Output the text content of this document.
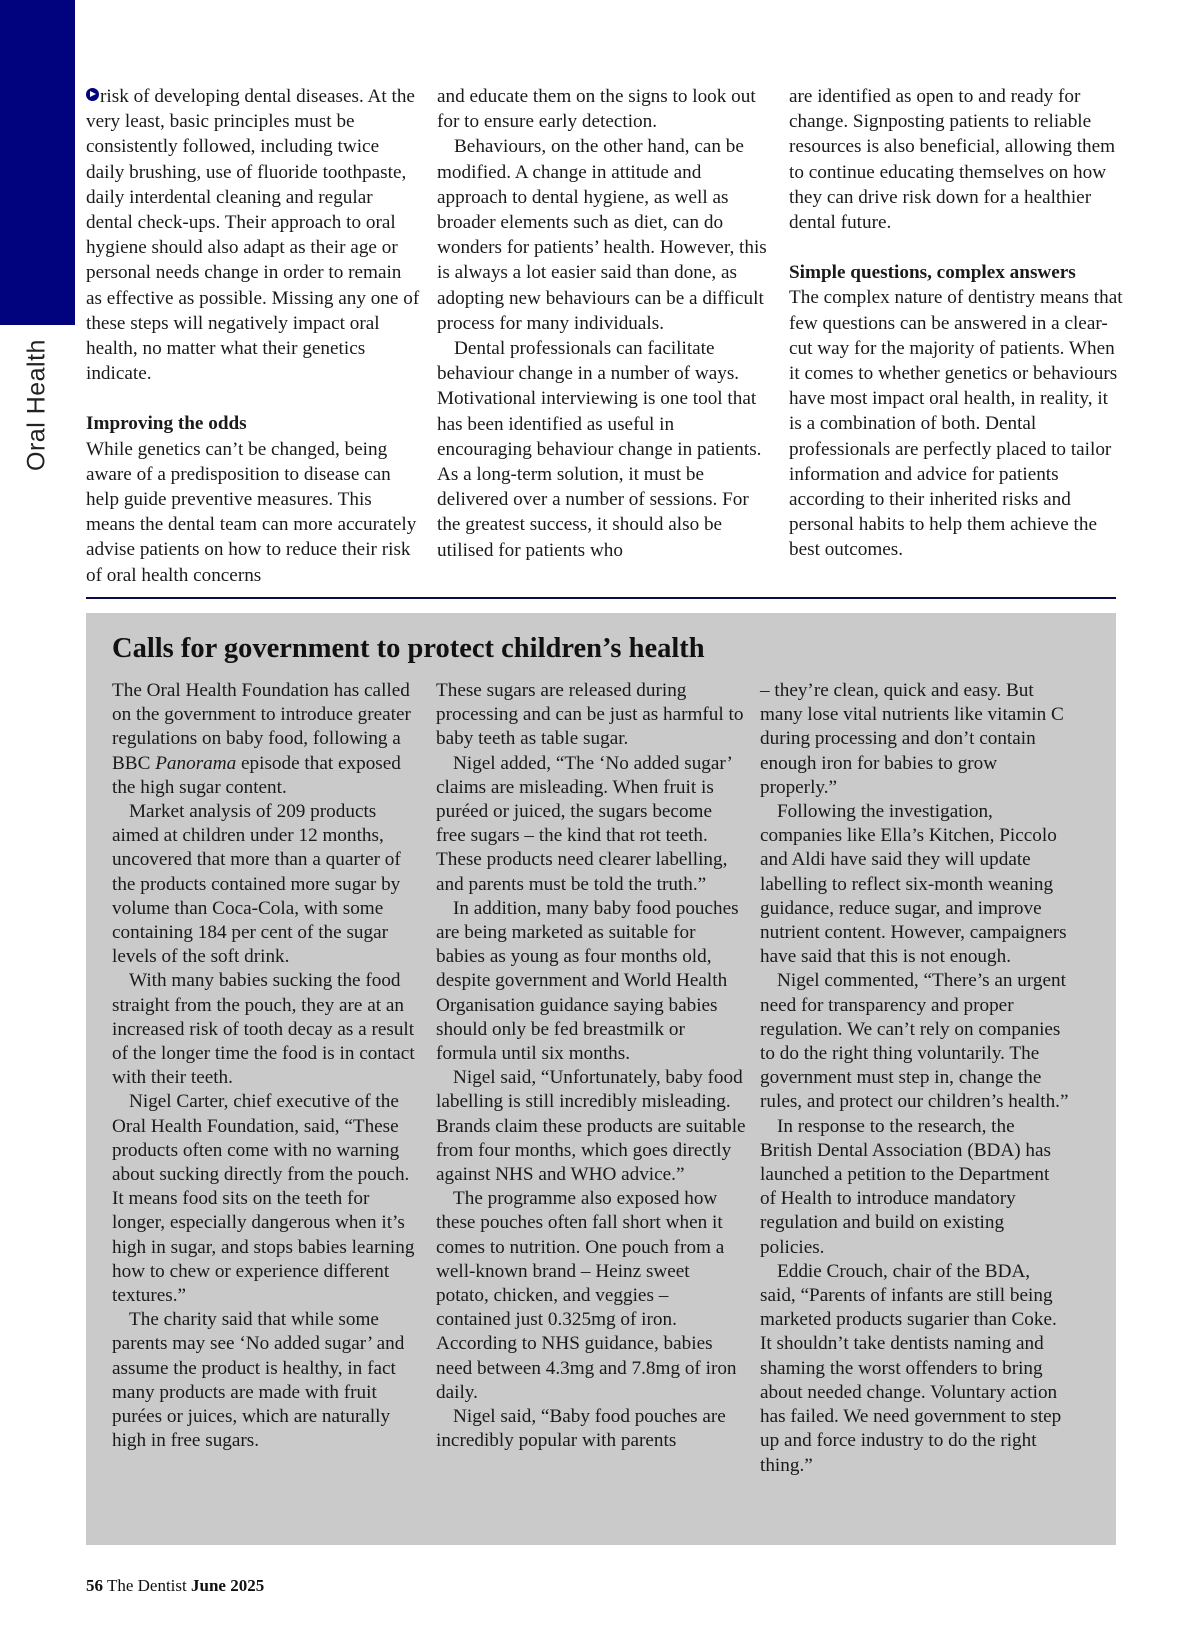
Oral Health

risk of developing dental diseases. At the very least, basic principles must be consistently followed, including twice daily brushing, use of fluoride toothpaste, daily interdental cleaning and regular dental check-ups. Their approach to oral hygiene should also adapt as their age or personal needs change in order to remain as effective as possible. Missing any one of these steps will negatively impact oral health, no matter what their genetics indicate.

Improving the odds

While genetics can’t be changed, being aware of a predisposition to disease can help guide preventive measures. This means the dental team can more accurately advise patients on how to reduce their risk of oral health concerns

and educate them on the signs to look out for to ensure early detection.

Behaviours, on the other hand, can be modified. A change in attitude and approach to dental hygiene, as well as broader elements such as diet, can do wonders for patients’ health. However, this is always a lot easier said than done, as adopting new behaviours can be a difficult process for many individuals.

Dental professionals can facilitate behaviour change in a number of ways. Motivational interviewing is one tool that has been identified as useful in encouraging behaviour change in patients. As a long-term solution, it must be delivered over a number of sessions. For the greatest success, it should also be utilised for patients who

are identified as open to and ready for change. Signposting patients to reliable resources is also beneficial, allowing them to continue educating themselves on how they can drive risk down for a healthier dental future.

Simple questions, complex answers

The complex nature of dentistry means that few questions can be answered in a clear-cut way for the majority of patients. When it comes to whether genetics or behaviours have most impact oral health, in reality, it is a combination of both. Dental professionals are perfectly placed to tailor information and advice for patients according to their inherited risks and personal habits to help them achieve the best outcomes.

Calls for government to protect children’s health

The Oral Health Foundation has called on the government to introduce greater regulations on baby food, following a BBC Panorama episode that exposed the high sugar content.

Market analysis of 209 products aimed at children under 12 months, uncovered that more than a quarter of the products contained more sugar by volume than Coca-Cola, with some containing 184 per cent of the sugar levels of the soft drink.

With many babies sucking the food straight from the pouch, they are at an increased risk of tooth decay as a result of the longer time the food is in contact with their teeth.

Nigel Carter, chief executive of the Oral Health Foundation, said, “These products often come with no warning about sucking directly from the pouch. It means food sits on the teeth for longer, especially dangerous when it’s high in sugar, and stops babies learning how to chew or experience different textures.”

The charity said that while some parents may see ‘No added sugar’ and assume the product is healthy, in fact many products are made with fruit purées or juices, which are naturally high in free sugars.

These sugars are released during processing and can be just as harmful to baby teeth as table sugar.

Nigel added, “The ‘No added sugar’ claims are misleading. When fruit is puréed or juiced, the sugars become free sugars – the kind that rot teeth. These products need clearer labelling, and parents must be told the truth.”

In addition, many baby food pouches are being marketed as suitable for babies as young as four months old, despite government and World Health Organisation guidance saying babies should only be fed breastmilk or formula until six months.

Nigel said, “Unfortunately, baby food labelling is still incredibly misleading. Brands claim these products are suitable from four months, which goes directly against NHS and WHO advice.”

The programme also exposed how these pouches often fall short when it comes to nutrition. One pouch from a well-known brand – Heinz sweet potato, chicken, and veggies – contained just 0.325mg of iron. According to NHS guidance, babies need between 4.3mg and 7.8mg of iron daily.

Nigel said, “Baby food pouches are incredibly popular with parents

– they’re clean, quick and easy. But many lose vital nutrients like vitamin C during processing and don’t contain enough iron for babies to grow properly.”

Following the investigation, companies like Ella’s Kitchen, Piccolo and Aldi have said they will update labelling to reflect six-month weaning guidance, reduce sugar, and improve nutrient content. However, campaigners have said that this is not enough.

Nigel commented, “There’s an urgent need for transparency and proper regulation. We can’t rely on companies to do the right thing voluntarily. The government must step in, change the rules, and protect our children’s health.”

In response to the research, the British Dental Association (BDA) has launched a petition to the Department of Health to introduce mandatory regulation and build on existing policies.

Eddie Crouch, chair of the BDA, said, “Parents of infants are still being marketed products sugarier than Coke. It shouldn’t take dentists naming and shaming the worst offenders to bring about needed change. Voluntary action has failed. We need government to step up and force industry to do the right thing.”

56 The Dentist June 2025
